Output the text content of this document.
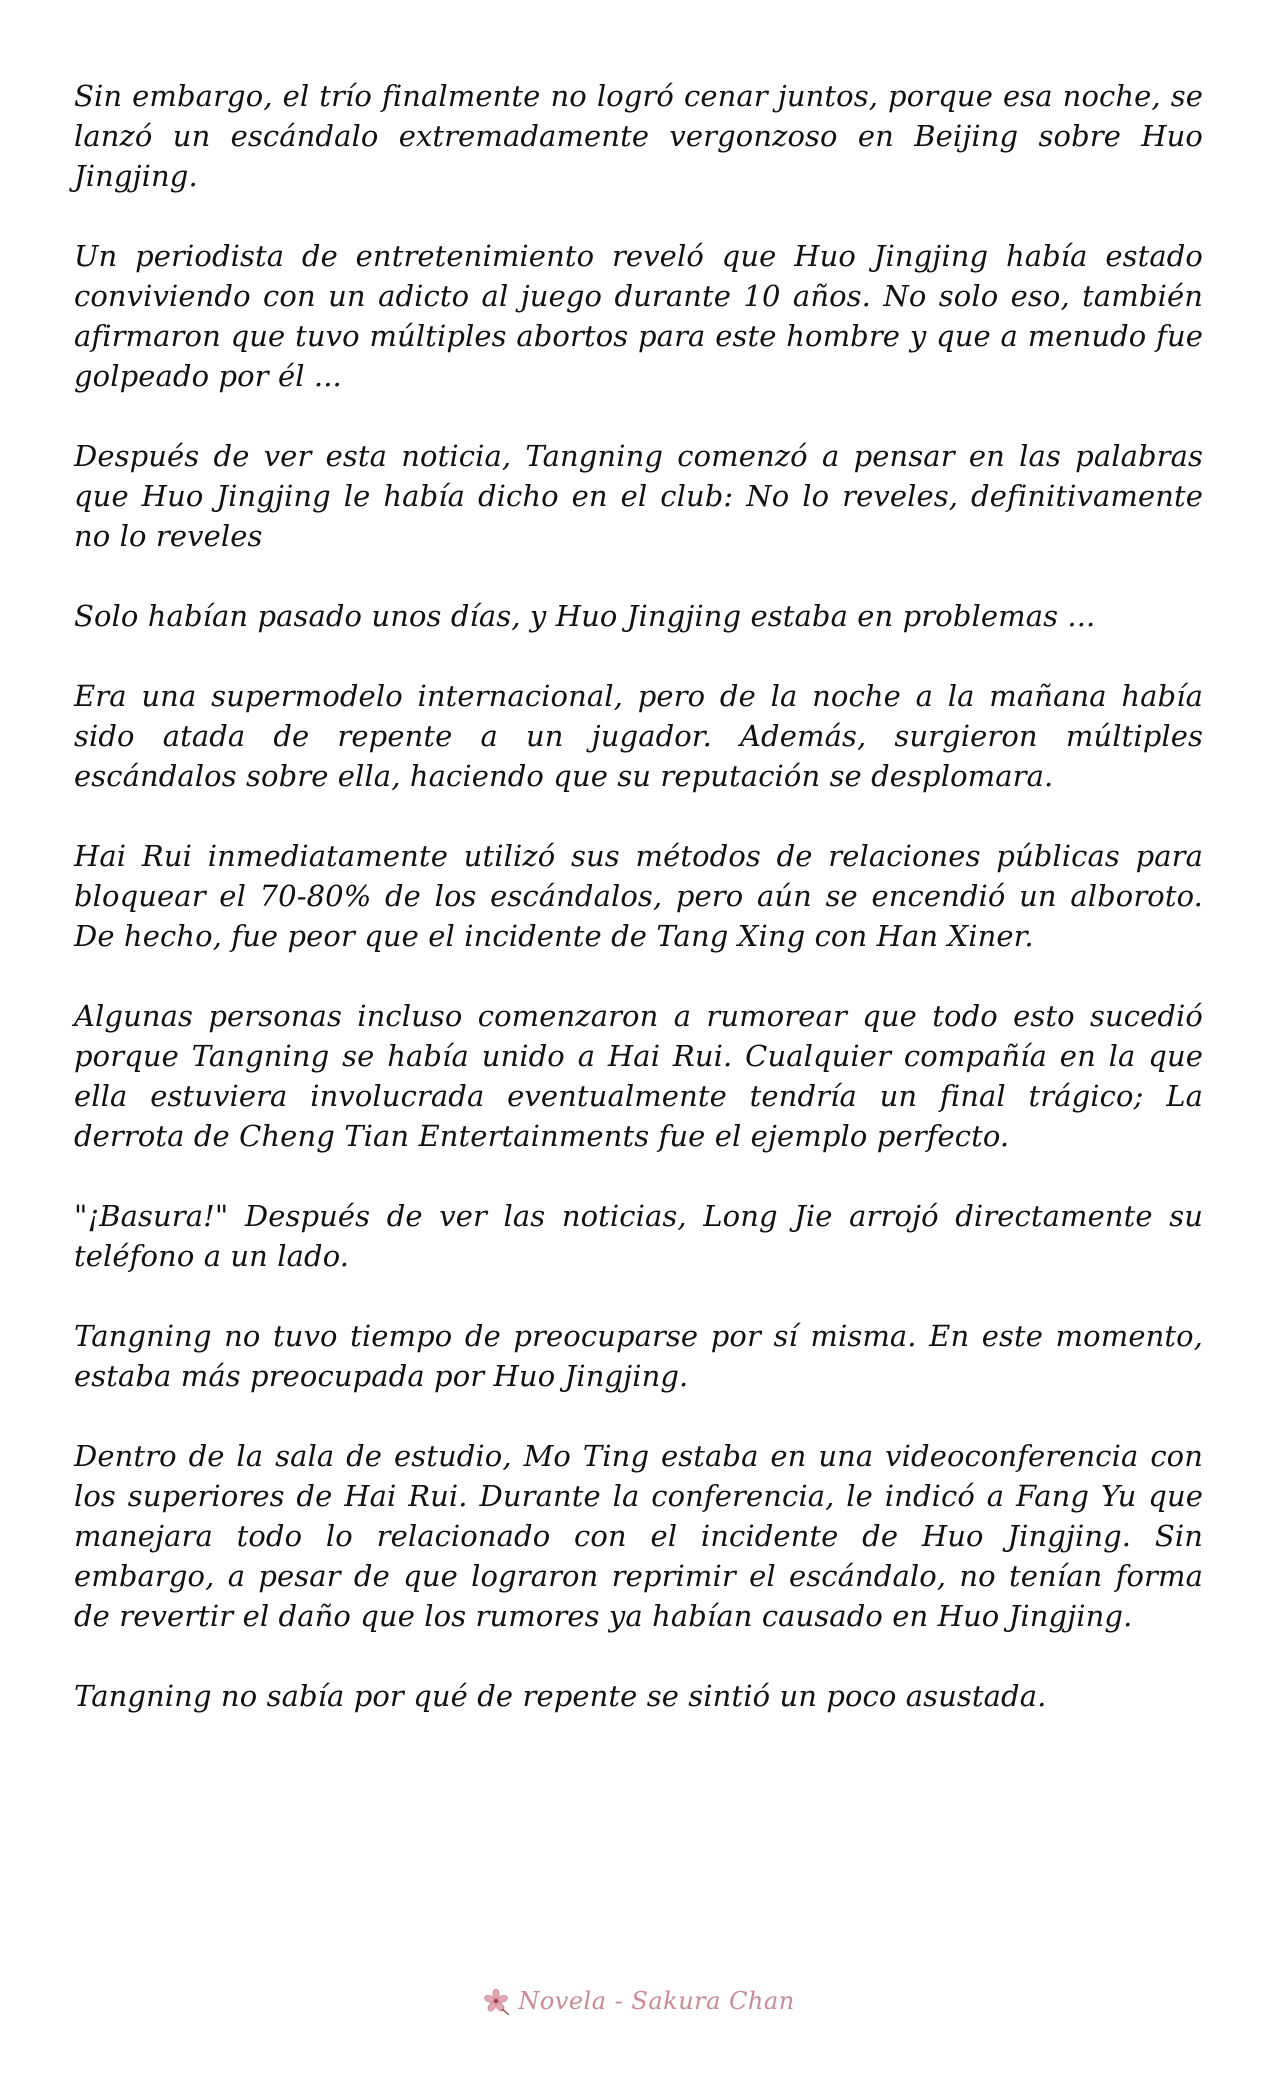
Sin embargo, el trío finalmente no logró cenar juntos, porque esa noche, se lanzó un escándalo extremadamente vergonzoso en Beijing sobre Huo Jingjing.

Un periodista de entretenimiento reveló que Huo Jingjing había estado conviviendo con un adicto al juego durante 10 años. No solo eso, también afirmaron que tuvo múltiples abortos para este hombre y que a menudo fue golpeado por él ...

Después de ver esta noticia, Tangning comenzó a pensar en las palabras que Huo Jingjing le había dicho en el club: No lo reveles, definitivamente no lo reveles

Solo habían pasado unos días, y Huo Jingjing estaba en problemas ...

Era una supermodelo internacional, pero de la noche a la mañana había sido atada de repente a un jugador. Además, surgieron múltiples escándalos sobre ella, haciendo que su reputación se desplomara.

Hai Rui inmediatamente utilizó sus métodos de relaciones públicas para bloquear el 70-80% de los escándalos, pero aún se encendió un alboroto. De hecho, fue peor que el incidente de Tang Xing con Han Xiner.

Algunas personas incluso comenzaron a rumorear que todo esto sucedió porque Tangning se había unido a Hai Rui. Cualquier compañía en la que ella estuviera involucrada eventualmente tendría un final trágico; La derrota de Cheng Tian Entertainments fue el ejemplo perfecto.

"¡Basura!" Después de ver las noticias, Long Jie arrojó directamente su teléfono a un lado.

Tangning no tuvo tiempo de preocuparse por sí misma. En este momento, estaba más preocupada por Huo Jingjing.

Dentro de la sala de estudio, Mo Ting estaba en una videoconferencia con los superiores de Hai Rui. Durante la conferencia, le indicó a Fang Yu que manejara todo lo relacionado con el incidente de Huo Jingjing. Sin embargo, a pesar de que lograron reprimir el escándalo, no tenían forma de revertir el daño que los rumores ya habían causado en Huo Jingjing.

Tangning no sabía por qué de repente se sintió un poco asustada.

Novela - Sakura Chan
